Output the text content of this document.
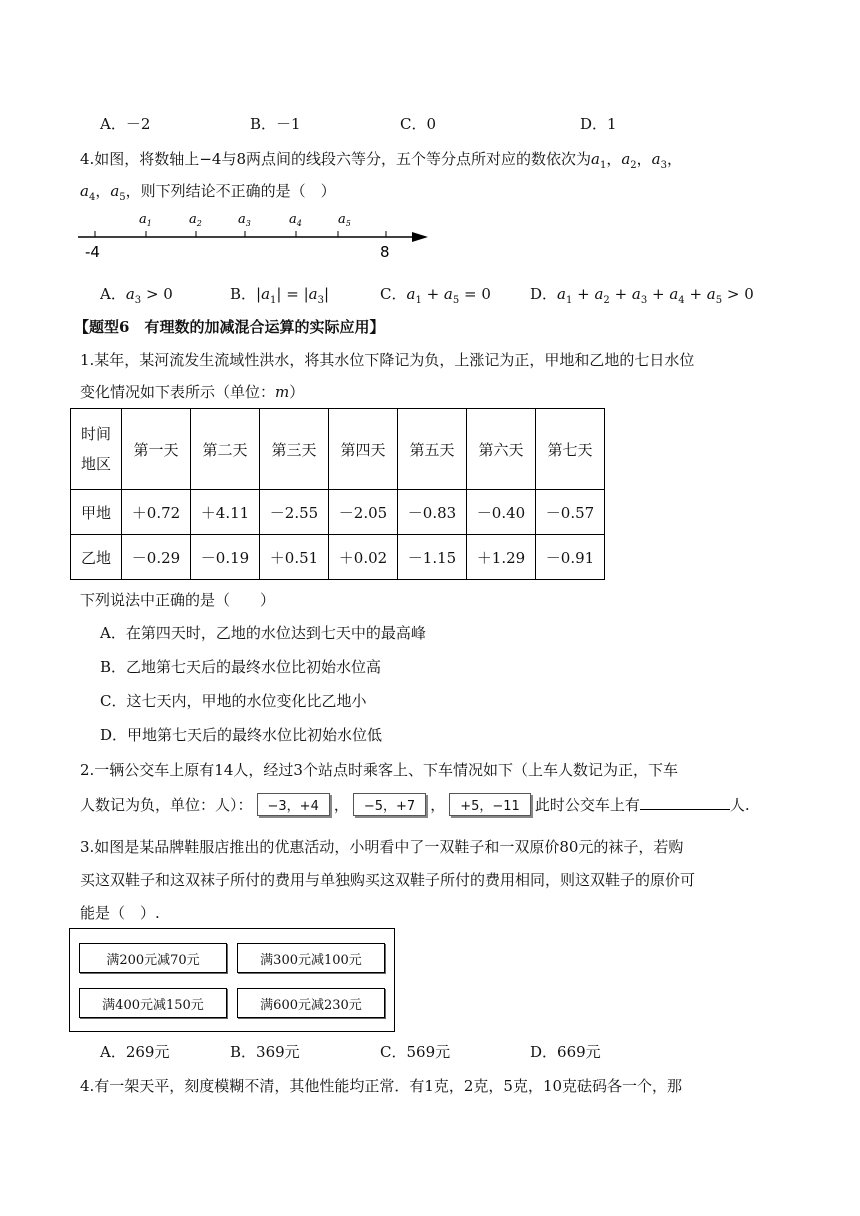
A．－2	B．－1	C．0	D．1
4.如图，将数轴上−4与8两点间的线段六等分，五个等分点所对应的数依次为$a_1$，$a_2$，$a_3$，
$a_4$，$a_5$，则下列结论不正确的是（　）
-4	8
$a_1$	$a_2$	$a_3$	$a_4$	$a_5$
A．$a_3 > 0$	B．$|a_1| = |a_3|$	C．$a_1 + a_5 = 0$	D．$a_1 + a_2 + a_3 + a_4 + a_5 > 0$
【题型6　有理数的加减混合运算的实际应用】
1.某年，某河流发生流域性洪水，将其水位下降记为负，上涨记为正，甲地和乙地的七日水位
变化情况如下表所示（单位：m）
时间
地区	第一天	第二天	第三天	第四天	第五天	第六天	第七天
甲地	＋0.72	＋4.11	－2.55	－2.05	－0.83	－0.40	－0.57
乙地	－0.29	－0.19	＋0.51	＋0.02	－1.15	＋1.29	－0.91
下列说法中正确的是（　　）
A．在第四天时，乙地的水位达到七天中的最高峰
B．乙地第七天后的最终水位比初始水位高
C．这七天内，甲地的水位变化比乙地小
D．甲地第七天后的最终水位比初始水位低
2.一辆公交车上原有14人，经过3个站点时乘客上、下车情况如下（上车人数记为正，下车
人数记为负，单位：人）： −3，+4 ， −5，+7 ， +5，−11 此时公交车上有	人.
3.如图是某品牌鞋服店推出的优惠活动，小明看中了一双鞋子和一双原价80元的袜子，若购
买这双鞋子和这双袜子所付的费用与单独购买这双鞋子所付的费用相同，则这双鞋子的原价可
能是（　）.
满200元减70元	满300元减100元
满400元减150元	满600元减230元
A．269元	B．369元	C．569元	D．669元
4.有一架天平，刻度模糊不清，其他性能均正常．有1克，2克，5克，10克砝码各一个，那
